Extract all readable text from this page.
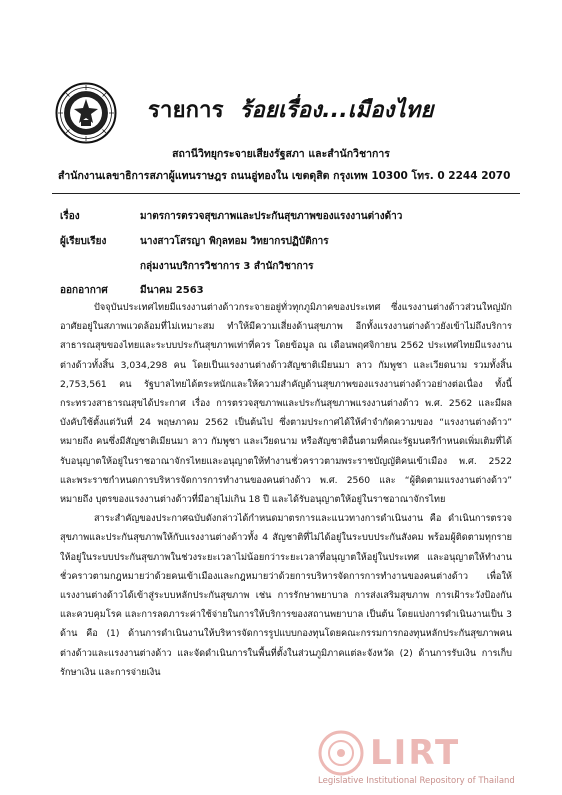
รายการ ร้อยเรื่อง...เมืองไทย
สถานีวิทยุกระจายเสียงรัฐสภา และสำนักวิชาการ
สำนักงานเลขาธิการสภาผู้แทนราษฎร ถนนอู่ทองใน เขตดุสิต กรุงเทพ 10300 โทร. 0 2244 2070
เรื่อง	มาตรการตรวจสุขภาพและประกันสุขภาพของแรงงานต่างด้าว
ผู้เรียบเรียง	นางสาวโสรญา พิกุลทอม วิทยากรปฏิบัติการ
กลุ่มงานบริการวิชาการ 3 สำนักวิชาการ
ออกอากาศ	มีนาคม 2563

ปัจจุบันประเทศไทยมีแรงงานต่างด้าวกระจายอยู่ทั่วทุกภูมิภาคของประเทศ ซึ่งแรงงานต่างด้าวส่วนใหญ่มักอาศัยอยู่ในสภาพแวดล้อมที่ไม่เหมาะสม ทำให้มีความเสี่ยงด้านสุขภาพ อีกทั้งแรงงานต่างด้าวยังเข้าไม่ถึงบริการสาธารณสุขของไทยและระบบประกันสุขภาพเท่าที่ควร โดยข้อมูล ณ เดือนพฤศจิกายน 2562 ประเทศไทยมีแรงงานต่างด้าวทั้งสิ้น 3,034,298 คน โดยเป็นแรงงานต่างด้าวสัญชาติเมียนมา ลาว กัมพูชา และเวียดนาม รวมทั้งสิ้น 2,753,561 คน รัฐบาลไทยได้ตระหนักและให้ความสำคัญด้านสุขภาพของแรงงานต่างด้าวอย่างต่อเนื่อง ทั้งนี้ กระทรวงสาธารณสุขได้ประกาศ เรื่อง การตรวจสุขภาพและประกันสุขภาพแรงงานต่างด้าว พ.ศ. 2562 และมีผลบังคับใช้ตั้งแต่วันที่ 24 พฤษภาคม 2562 เป็นต้นไป ซึ่งตามประกาศได้ให้คำจำกัดความของ “แรงงานต่างด้าว” หมายถึง คนซึ่งมีสัญชาติเมียนมา ลาว กัมพูชา และเวียดนาม หรือสัญชาติอื่นตามที่คณะรัฐมนตรีกำหนดเพิ่มเติมที่ได้รับอนุญาตให้อยู่ในราชอาณาจักรไทยและอนุญาตให้ทำงานชั่วคราวตามพระราชบัญญัติคนเข้าเมือง พ.ศ. 2522 และพระราชกำหนดการบริหารจัดการการทำงานของคนต่างด้าว พ.ศ. 2560 และ “ผู้ติดตามแรงงานต่างด้าว” หมายถึง บุตรของแรงงานต่างด้าวที่มีอายุไม่เกิน 18 ปี และได้รับอนุญาตให้อยู่ในราชอาณาจักรไทย

สาระสำคัญของประกาศฉบับดังกล่าวได้กำหนดมาตรการและแนวทางการดำเนินงาน คือ ดำเนินการตรวจสุขภาพและประกันสุขภาพให้กับแรงงานต่างด้าวทั้ง 4 สัญชาติที่ไม่ได้อยู่ในระบบประกันสังคม พร้อมผู้ติดตามทุกราย ให้อยู่ในระบบประกันสุขภาพในช่วงระยะเวลาไม่น้อยกว่าระยะเวลาที่อนุญาตให้อยู่ในประเทศ และอนุญาตให้ทำงานชั่วคราวตามกฎหมายว่าด้วยคนเข้าเมืองและกฎหมายว่าด้วยการบริหารจัดการการทำงานของคนต่างด้าว เพื่อให้แรงงานต่างด้าวได้เข้าสู่ระบบหลักประกันสุขภาพ เช่น การรักษาพยาบาล การส่งเสริมสุขภาพ การเฝ้าระวังป้องกันและควบคุมโรค และการลดภาระค่าใช้จ่ายในการให้บริการของสถานพยาบาล เป็นต้น โดยแบ่งการดำเนินงานเป็น 3 ด้าน คือ (1) ด้านการดำเนินงานให้บริหารจัดการรูปแบบกองทุนโดยคณะกรรมการกองทุนหลักประกันสุขภาพคนต่างด้าวและแรงงานต่างด้าว และจัดดำเนินการในพื้นที่ตั้งในส่วนภูมิภาคแต่ละจังหวัด (2) ด้านการรับเงิน การเก็บรักษาเงิน และการจ่ายเงิน

LIRT
Legislative Institutional Repository of Thailand
